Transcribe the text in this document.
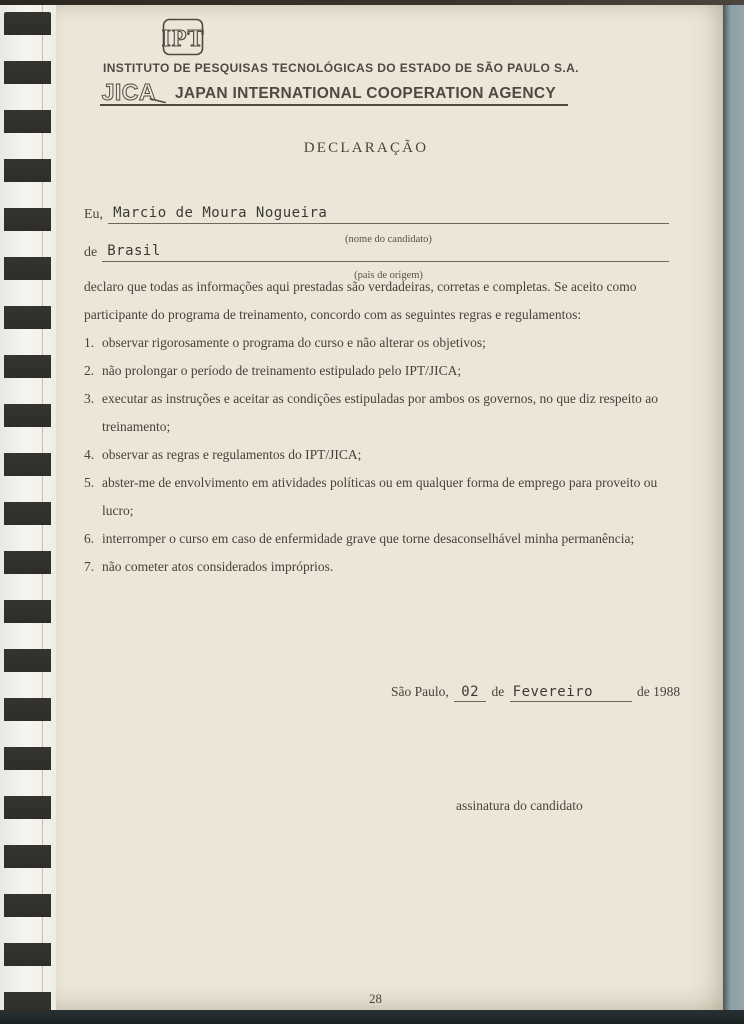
IPT
INSTITUTO DE PESQUISAS TECNOLÓGICAS DO ESTADO DE SÃO PAULO S.A.
JICA JAPAN INTERNATIONAL COOPERATION AGENCY
DECLARAÇÃO
Eu, Marcio de Moura Nogueira
(nome do candidato)
de Brasil
(pais de origem)
declaro que todas as informações aqui prestadas são verdadeiras, corretas e completas. Se aceito como participante do programa de treinamento, concordo com as seguintes regras e regulamentos:
1. observar rigorosamente o programa do curso e não alterar os objetivos;
2. não prolongar o período de treinamento estipulado pelo IPT/JICA;
3. executar as instruções e aceitar as condições estipuladas por ambos os governos, no que diz respeito ao treinamento;
4. observar as regras e regulamentos do IPT/JICA;
5. abster-me de envolvimento em atividades políticas ou em qualquer forma de emprego para proveito ou lucro;
6. interromper o curso em caso de enfermidade grave que torne desaconselhável minha permanência;
7. não cometer atos considerados impróprios.
São Paulo, 02 de Fevereiro	de 1988
assinatura do candidato
28
